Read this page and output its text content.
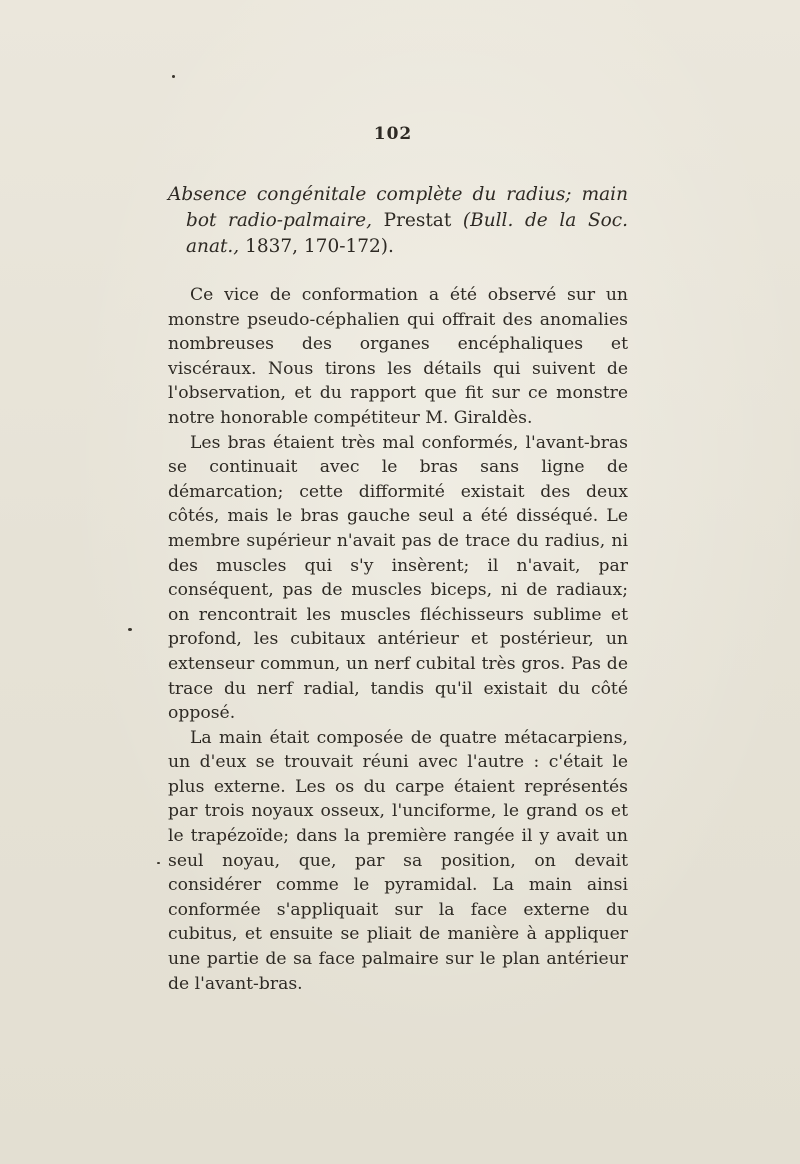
102

Absence congénitale complète du radius; main bot radio-palmaire, Prestat (Bull. de la Soc. anat., 1837, 170-172).

Ce vice de conformation a été observé sur un monstre pseudo-céphalien qui offrait des anomalies nombreuses des organes encéphaliques et viscéraux. Nous tirons les détails qui suivent de l'observation, et du rapport que fit sur ce monstre notre honorable compétiteur M. Giraldès.

Les bras étaient très mal conformés, l'avant-bras se continuait avec le bras sans ligne de démarcation; cette difformité existait des deux côtés, mais le bras gauche seul a été disséqué. Le membre supérieur n'avait pas de trace du radius, ni des muscles qui s'y insèrent; il n'avait, par conséquent, pas de muscles biceps, ni de radiaux; on rencontrait les muscles fléchisseurs sublime et profond, les cubitaux antérieur et postérieur, un extenseur commun, un nerf cubital très gros. Pas de trace du nerf radial, tandis qu'il existait du côté opposé.

La main était composée de quatre métacarpiens, un d'eux se trouvait réuni avec l'autre : c'était le plus externe. Les os du carpe étaient représentés par trois noyaux osseux, l'unciforme, le grand os et le trapézoïde; dans la première rangée il y avait un seul noyau, que, par sa position, on devait considérer comme le pyramidal. La main ainsi conformée s'appliquait sur la face externe du cubitus, et ensuite se pliait de manière à appliquer une partie de sa face palmaire sur le plan antérieur de l'avant-bras.
